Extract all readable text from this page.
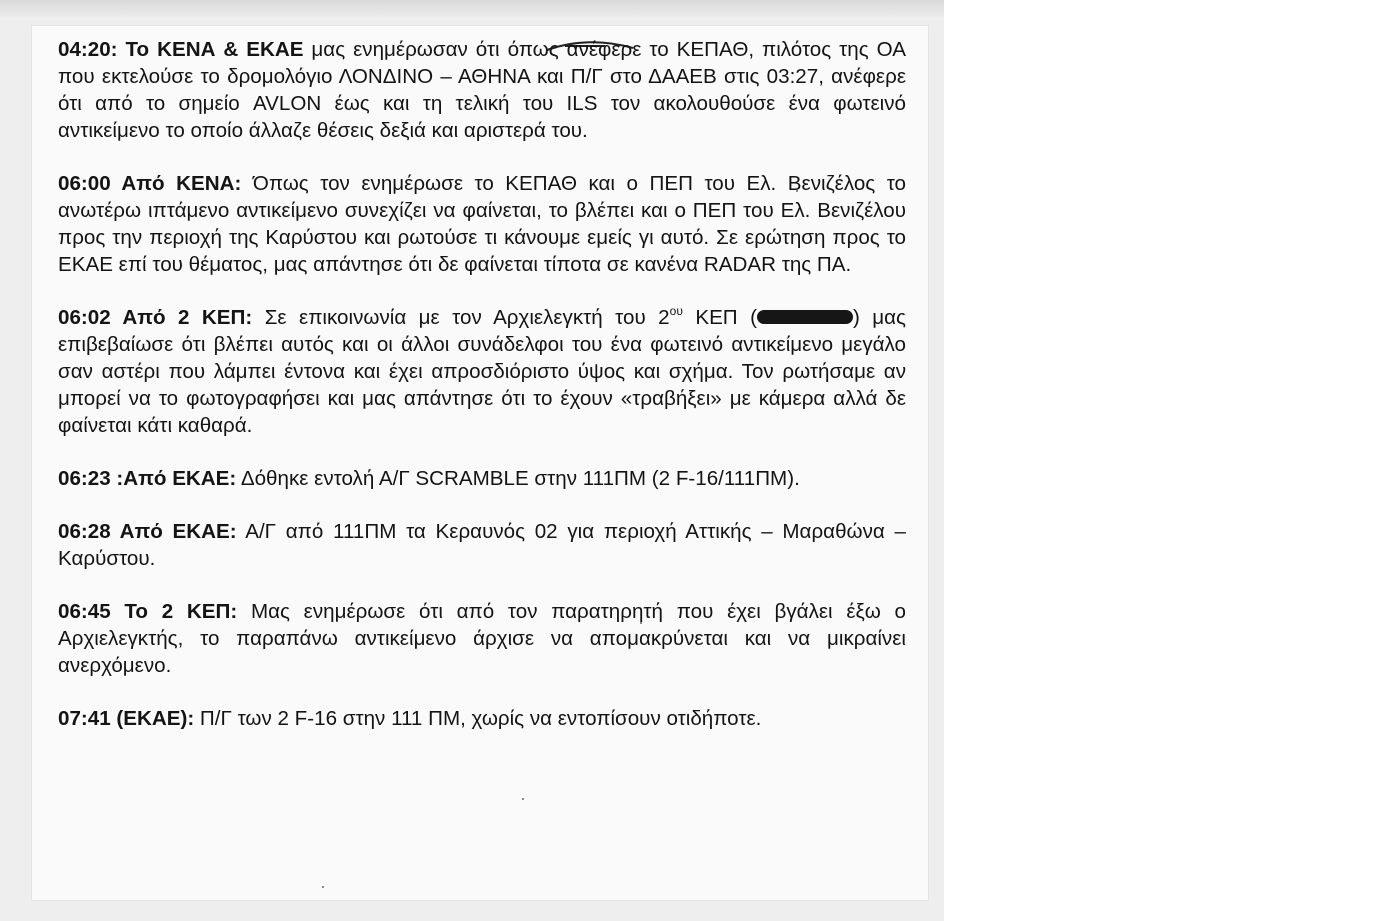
04:20: Το ΚΕΝΑ & ΕΚΑΕ μας ενημέρωσαν ότι όπως ανέφερε το ΚΕΠΑΘ, πιλότος της ΟΑ που εκτελούσε το δρομολόγιο ΛΟΝΔΙΝΟ – ΑΘΗΝΑ και Π/Γ στο ΔΑΑΕΒ στις 03:27, ανέφερε ότι από το σημείο AVLON έως και τη τελική του ILS τον ακολουθούσε ένα φωτεινό αντικείμενο το οποίο άλλαζε θέσεις δεξιά και αριστερά του.

06:00 Από ΚΕΝΑ: Όπως τον ενημέρωσε το ΚΕΠΑΘ και ο ΠΕΠ του Ελ. Βενιζέλος το ανωτέρω ιπτάμενο αντικείμενο συνεχίζει να φαίνεται, το βλέπει και ο ΠΕΠ του Ελ. Βενιζέλου προς την περιοχή της Καρύστου και ρωτούσε τι κάνουμε εμείς γι αυτό. Σε ερώτηση προς το ΕΚΑΕ επί του θέματος, μας απάντησε ότι δε φαίνεται τίποτα σε κανένα RADAR της ΠΑ.

06:02 Από 2 ΚΕΠ: Σε επικοινωνία με τον Αρχιελεγκτή του $2^{o\upsilon}$ ΚΕΠ (	) μας επιβεβαίωσε ότι βλέπει αυτός και οι άλλοι συνάδελφοι του ένα φωτεινό αντικείμενο μεγάλο σαν αστέρι που λάμπει έντονα και έχει απροσδιόριστο ύψος και σχήμα. Τον ρωτήσαμε αν μπορεί να το φωτογραφήσει και μας απάντησε ότι το έχουν «τραβήξει» με κάμερα αλλά δε φαίνεται κάτι καθαρά.

06:23 :Από ΕΚΑΕ: Δόθηκε εντολή Α/Γ SCRAMBLE στην 111ΠΜ (2 F-16/111ΠΜ).

06:28 Από ΕΚΑΕ: Α/Γ από 111ΠΜ τα Κεραυνός 02 για περιοχή Αττικής – Μαραθώνα – Καρύστου.

06:45 Το 2 ΚΕΠ: Μας ενημέρωσε ότι από τον παρατηρητή που έχει βγάλει έξω ο Αρχιελεγκτής, το παραπάνω αντικείμενο άρχισε να απομακρύνεται και να μικραίνει ανερχόμενο.

07:41 (ΕΚΑΕ): Π/Γ των 2 F-16 στην 111 ΠΜ, χωρίς να εντοπίσουν οτιδήποτε.
